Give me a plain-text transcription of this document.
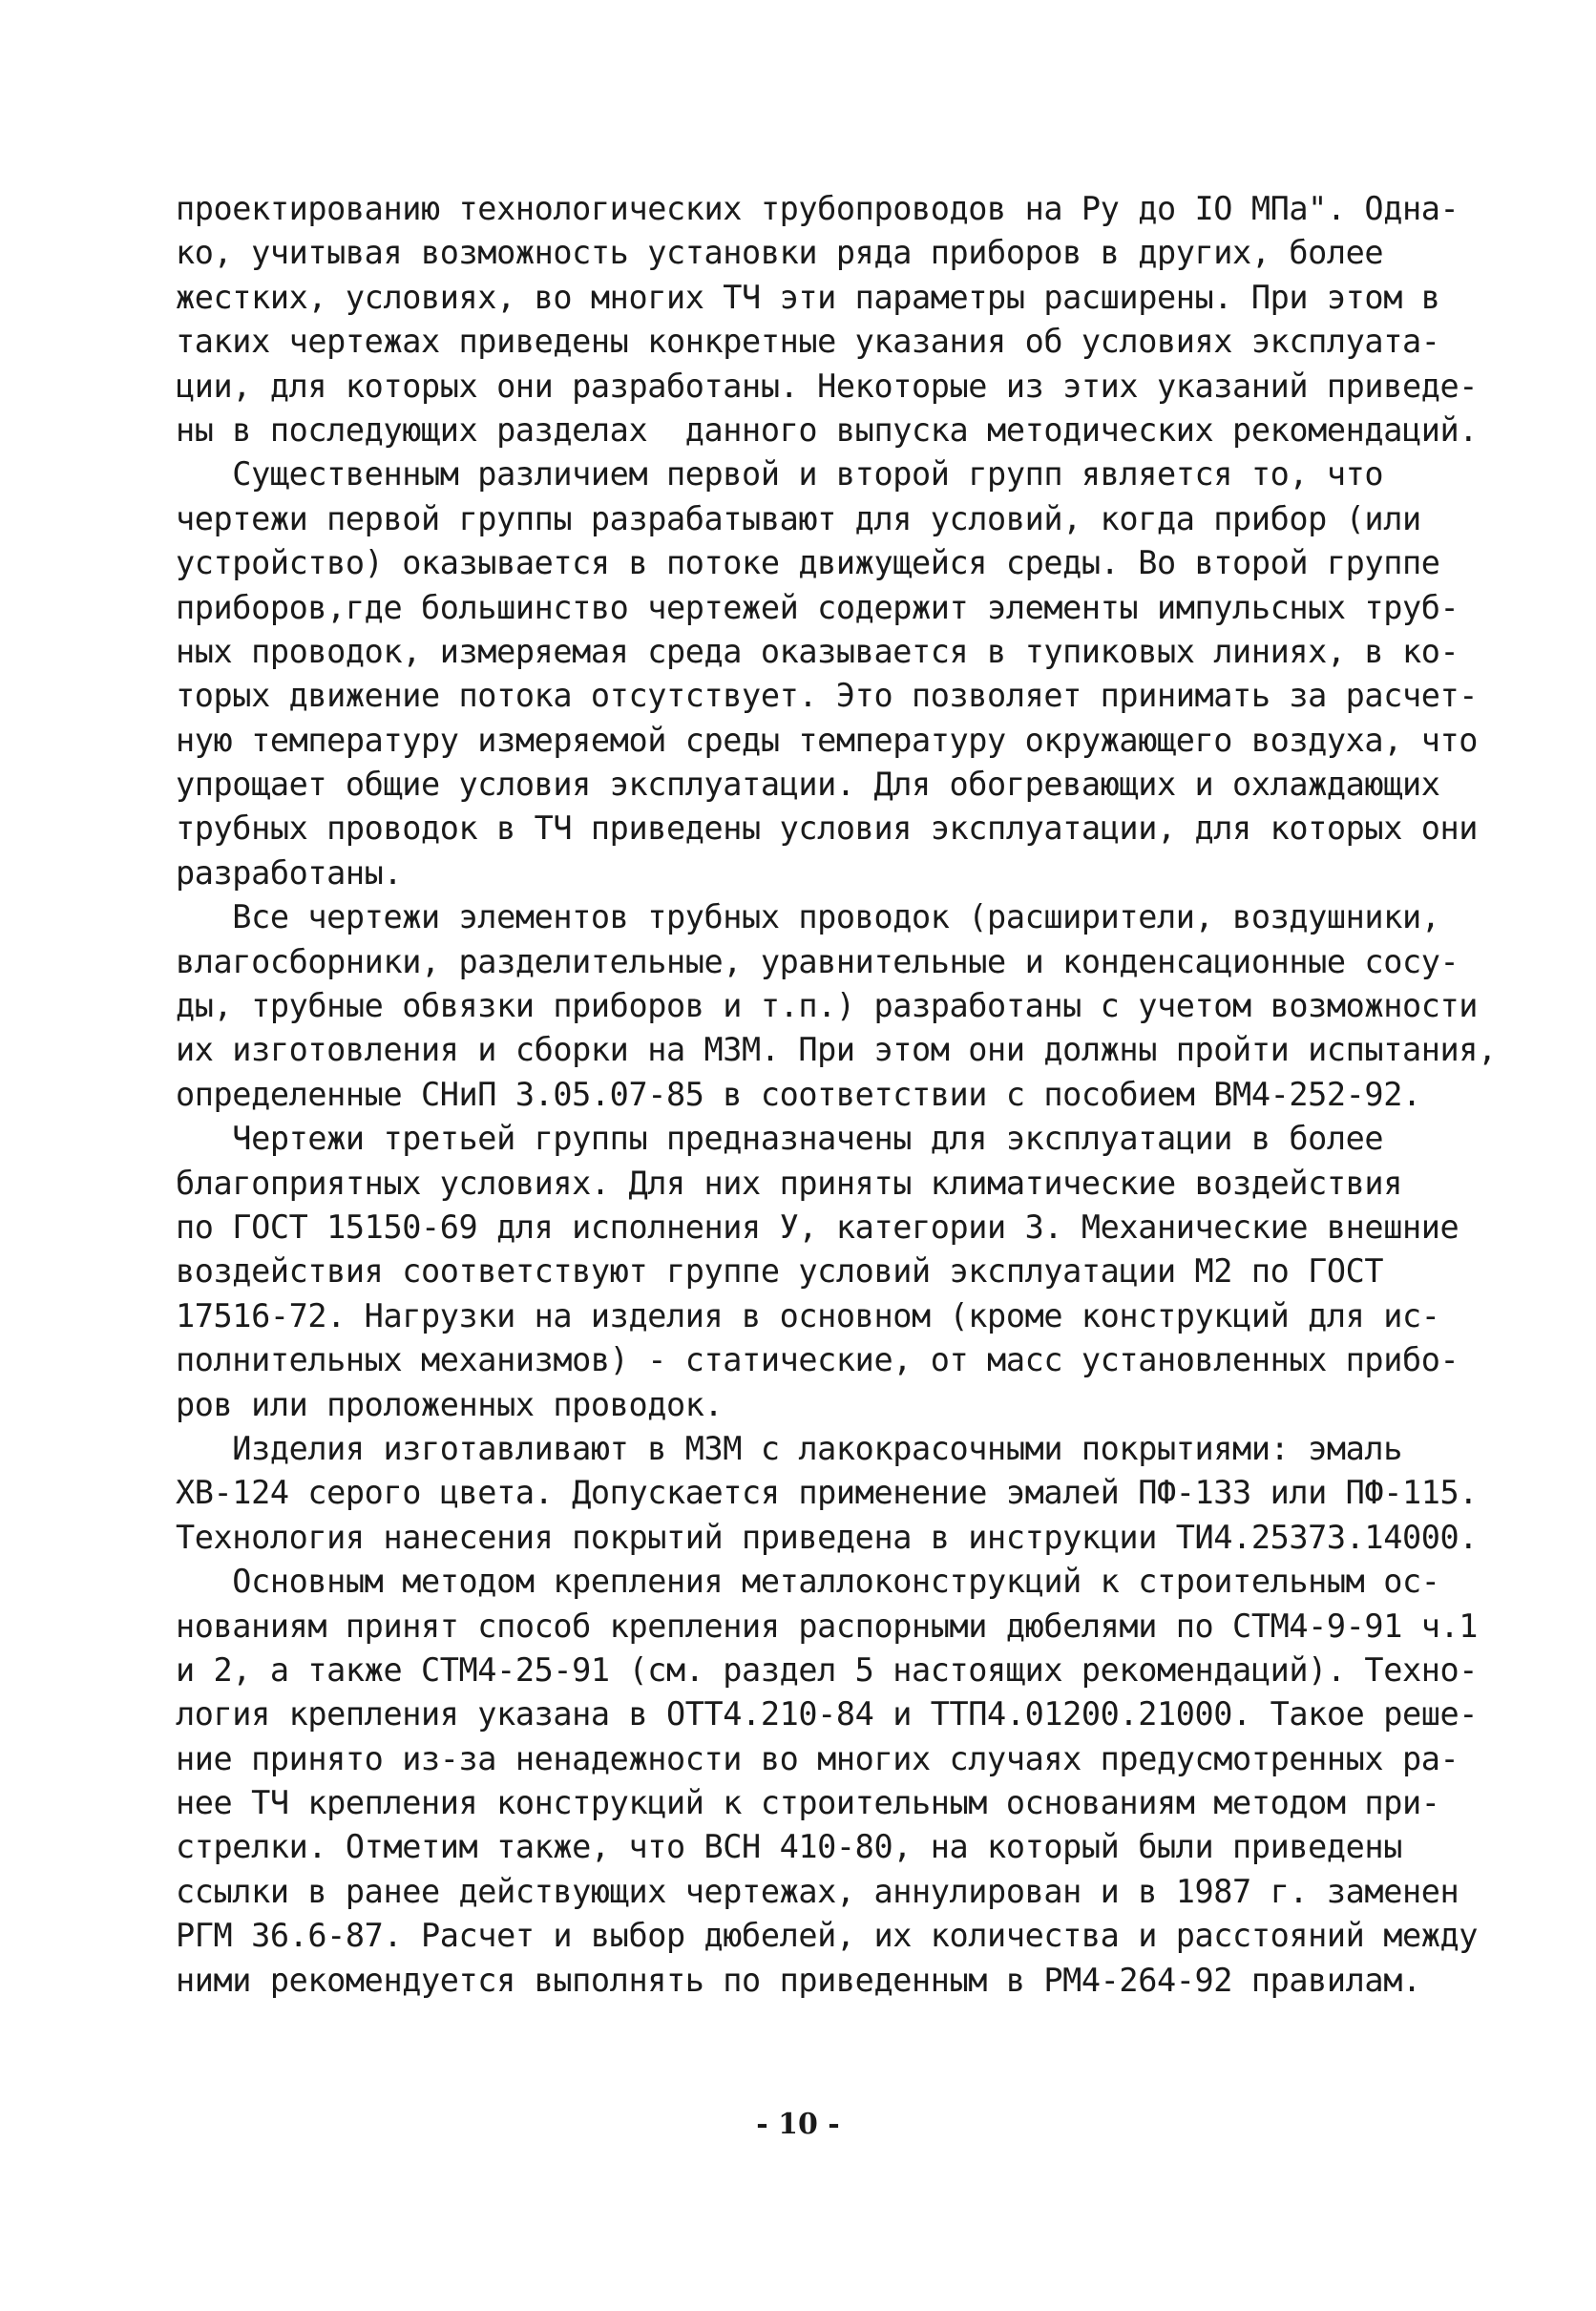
проектированию технологических трубопроводов на Ру до IO МПа". Одна-
ко, учитывая возможность установки ряда приборов в других, более
жестких, условиях, во многих ТЧ эти параметры расширены. При этом в
таких чертежах приведены конкретные указания об условиях эксплуата-
ции, для которых они разработаны. Некоторые из этих указаний приведе-
ны в последующих разделах  данного выпуска методических рекомендаций.
Существенным различием первой и второй групп является то, что
чертежи первой группы разрабатывают для условий, когда прибор (или
устройство) оказывается в потоке движущейся среды. Во второй группе
приборов,где большинство чертежей содержит элементы импульсных труб-
ных проводок, измеряемая среда оказывается в тупиковых линиях, в ко-
торых движение потока отсутствует. Это позволяет принимать за расчет-
ную температуру измеряемой среды температуру окружающего воздуха, что
упрощает общие условия эксплуатации. Для обогревающих и охлаждающих
трубных проводок в ТЧ приведены условия эксплуатации, для которых они
разработаны.
Все чертежи элементов трубных проводок (расширители, воздушники,
влагосборники, разделительные, уравнительные и конденсационные сосу-
ды, трубные обвязки приборов и т.п.) разработаны с учетом возможности
их изготовления и сборки на МЗМ. При этом они должны пройти испытания,
определенные СНиП 3.05.07-85 в соответствии с пособием ВМ4-252-92.
Чертежи третьей группы предназначены для эксплуатации в более
благоприятных условиях. Для них приняты климатические воздействия
по ГОСТ 15150-69 для исполнения У, категории 3. Механические внешние
воздействия соответствуют группе условий эксплуатации М2 по ГОСТ
17516-72. Нагрузки на изделия в основном (кроме конструкций для ис-
полнительных механизмов) - статические, от масс установленных прибо-
ров или проложенных проводок.
Изделия изготавливают в МЗМ с лакокрасочными покрытиями: эмаль
ХВ-124 серого цвета. Допускается применение эмалей ПФ-133 или ПФ-115.
Технология нанесения покрытий приведена в инструкции ТИ4.25373.14000.
Основным методом крепления металлоконструкций к строительным ос-
нованиям принят способ крепления распорными дюбелями по СТМ4-9-91 ч.1
и 2, а также СТМ4-25-91 (см. раздел 5 настоящих рекомендаций). Техно-
логия крепления указана в ОТТ4.210-84 и ТТП4.01200.21000. Такое реше-
ние принято из-за ненадежности во многих случаях предусмотренных ра-
нее ТЧ крепления конструкций к строительным основаниям методом при-
стрелки. Отметим также, что ВСН 410-80, на который были приведены
ссылки в ранее действующих чертежах, аннулирован и в 1987 г. заменен
РГМ 36.6-87. Расчет и выбор дюбелей, их количества и расстояний между
ними рекомендуется выполнять по приведенным в РМ4-264-92 правилам.
- 10 -
